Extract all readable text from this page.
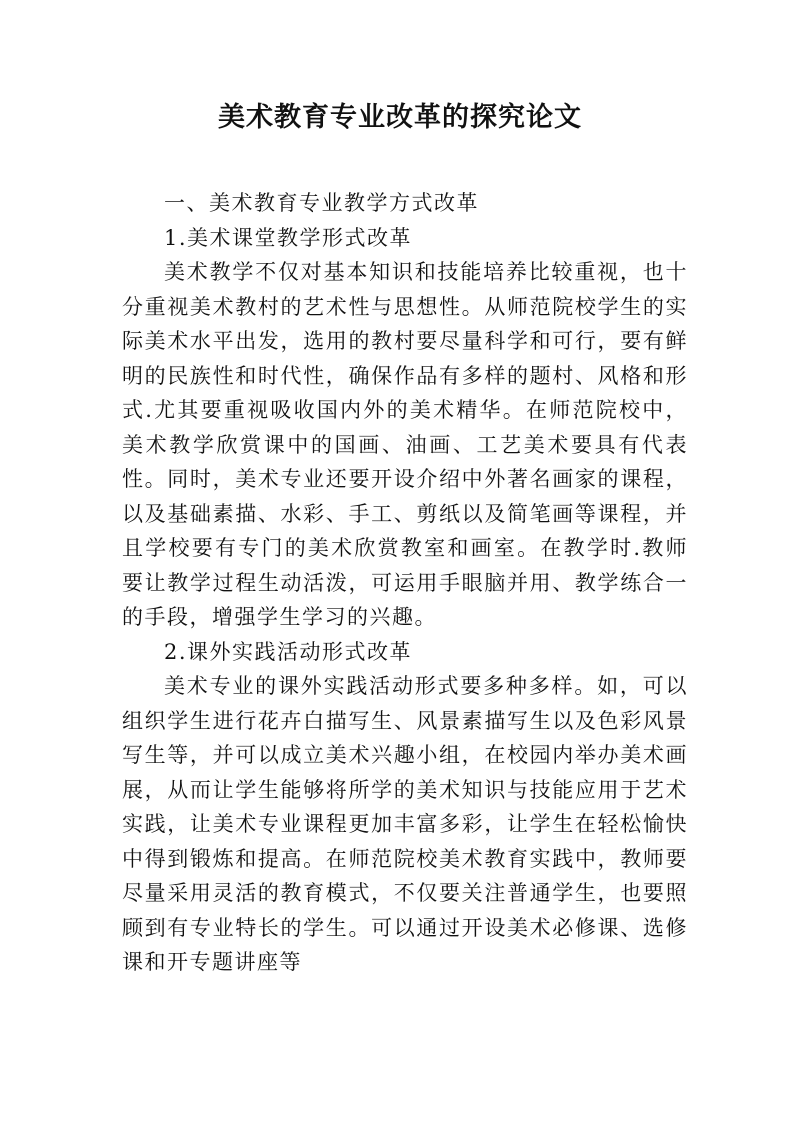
美术教育专业改革的探究论文

一、美术教育专业教学方式改革

1.美术课堂教学形式改革

美术教学不仅对基本知识和技能培养比较重视，也十分重视美术教村的艺术性与思想性。从师范院校学生的实际美术水平出发，选用的教村要尽量科学和可行，要有鲜明的民族性和时代性，确保作品有多样的题村、风格和形式.尤其要重视吸收国内外的美术精华。在师范院校中，美术教学欣赏课中的国画、油画、工艺美术要具有代表性。同时，美术专业还要开设介绍中外著名画家的课程，以及基础素描、水彩、手工、剪纸以及简笔画等课程，并且学校要有专门的美术欣赏教室和画室。在教学时.教师要让教学过程生动活泼，可运用手眼脑并用、教学练合一的手段，增强学生学习的兴趣。

2.课外实践活动形式改革

美术专业的课外实践活动形式要多种多样。如，可以组织学生进行花卉白描写生、风景素描写生以及色彩风景写生等，并可以成立美术兴趣小组，在校园内举办美术画展，从而让学生能够将所学的美术知识与技能应用于艺术实践，让美术专业课程更加丰富多彩，让学生在轻松愉快中得到锻炼和提高。在师范院校美术教育实践中，教师要尽量采用灵活的教育模式，不仅要关注普通学生，也要照顾到有专业特长的学生。可以通过开设美术必修课、选修课和开专题讲座等
